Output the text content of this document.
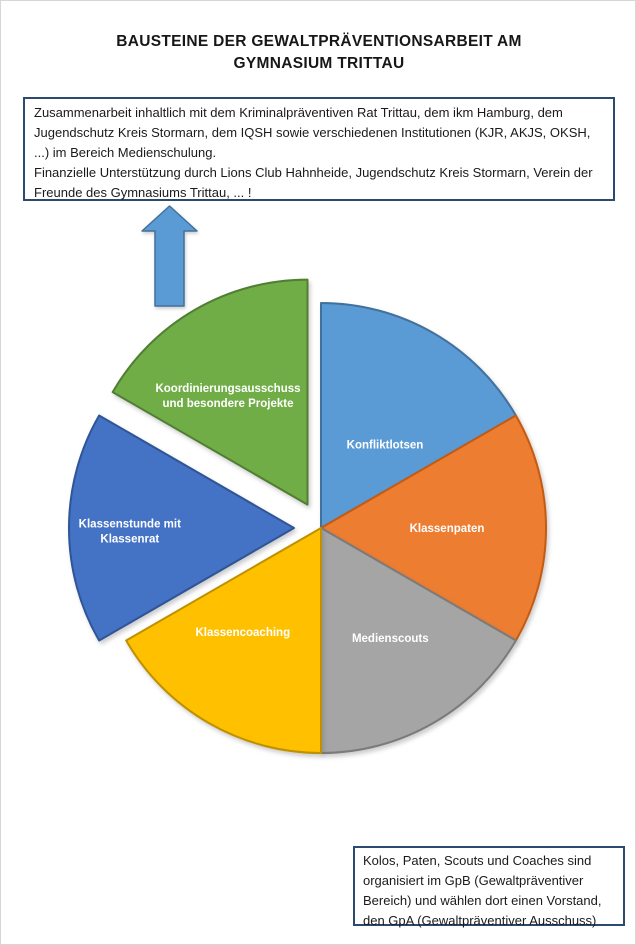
BAUSTEINE DER GEWALTPRÄVENTIONSARBEIT AM GYMNASIUM TRITTAU

Zusammenarbeit inhaltlich mit dem Kriminalpräventiven Rat Trittau, dem ikm Hamburg, dem Jugendschutz Kreis Stormarn, dem IQSH sowie verschiedenen Institutionen (KJR, AKJS, OKSH, ...) im Bereich Medienschulung.

Finanzielle Unterstützung durch Lions Club Hahnheide, Jugendschutz Kreis Stormarn, Verein der Freunde des Gymnasiums Trittau, ... !

Konfliktlotsen
Klassenpaten
Medienscouts
Klassencoaching
Klassenstunde mit Klassenrat
Koordinierungsausschuss und besondere Projekte

Kolos, Paten, Scouts und Coaches sind organisiert im GpB (Gewaltpräventiver Bereich) und wählen dort einen Vorstand, den GpA (Gewaltpräventiver Ausschuss)
